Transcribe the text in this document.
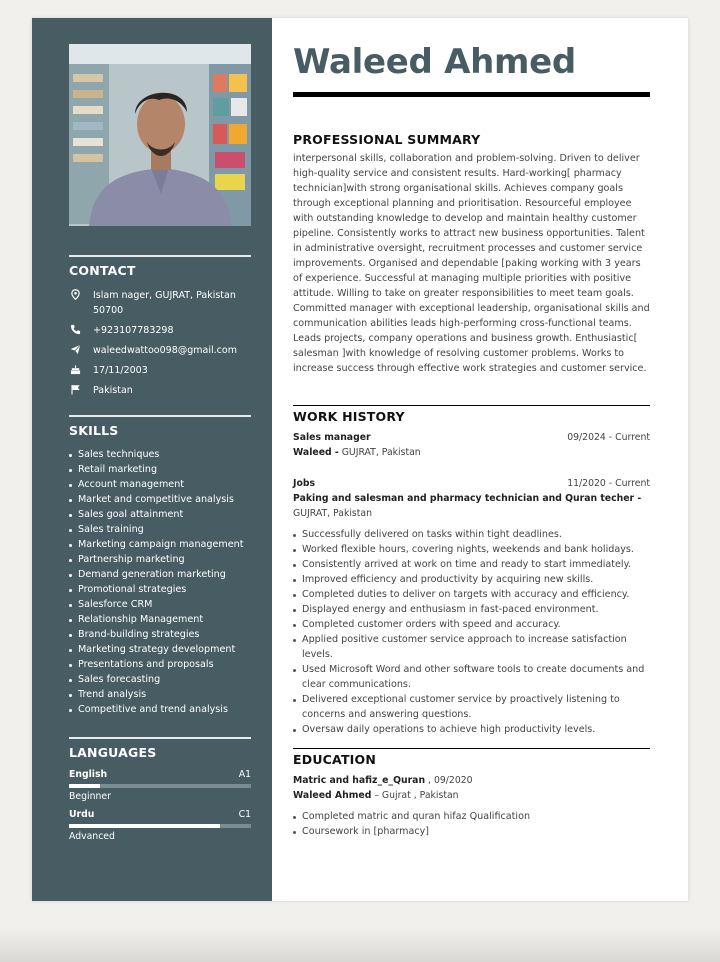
CONTACT
Islam nager, GUJRAT, Pakistan 50700
+923107783298
waleedwattoo098@gmail.com
17/11/2003
Pakistan
SKILLS
Sales techniques
Retail marketing
Account management
Market and competitive analysis
Sales goal attainment
Sales training
Marketing campaign management
Partnership marketing
Demand generation marketing
Promotional strategies
Salesforce CRM
Relationship Management
Brand-building strategies
Marketing strategy development
Presentations and proposals
Sales forecasting
Trend analysis
Competitive and trend analysis
LANGUAGES
English	A1
Beginner
Urdu	C1
Advanced
Waleed Ahmed
PROFESSIONAL SUMMARY
interpersonal skills, collaboration and problem-solving. Driven to deliver high-quality service and consistent results. Hard-working[ pharmacy technician]with strong organisational skills. Achieves company goals through exceptional planning and prioritisation. Resourceful employee with outstanding knowledge to develop and maintain healthy customer pipeline. Consistently works to attract new business opportunities. Talent in administrative oversight, recruitment processes and customer service improvements. Organised and dependable [paking working with 3 years of experience. Successful at managing multiple priorities with positive attitude. Willing to take on greater responsibilities to meet team goals. Committed manager with exceptional leadership, organisational skills and communication abilities leads high-performing cross-functional teams. Leads projects, company operations and business growth. Enthusiastic[ salesman ]with knowledge of resolving customer problems. Works to increase success through effective work strategies and customer service.
WORK HISTORY
Sales manager	09/2024 - Current
Waleed - GUJRAT, Pakistan
Jobs	11/2020 - Current
Paking and salesman and pharmacy technician and Quran techer - GUJRAT, Pakistan
Successfully delivered on tasks within tight deadlines.
Worked flexible hours, covering nights, weekends and bank holidays.
Consistently arrived at work on time and ready to start immediately.
Improved efficiency and productivity by acquiring new skills.
Completed duties to deliver on targets with accuracy and efficiency.
Displayed energy and enthusiasm in fast-paced environment.
Completed customer orders with speed and accuracy.
Applied positive customer service approach to increase satisfaction levels.
Used Microsoft Word and other software tools to create documents and clear communications.
Delivered exceptional customer service by proactively listening to concerns and answering questions.
Oversaw daily operations to achieve high productivity levels.
EDUCATION
Matric and hafiz_e_Quran , 09/2020
Waleed Ahmed – Gujrat , Pakistan
Completed matric and quran hifaz Qualification
Coursework in [pharmacy]
